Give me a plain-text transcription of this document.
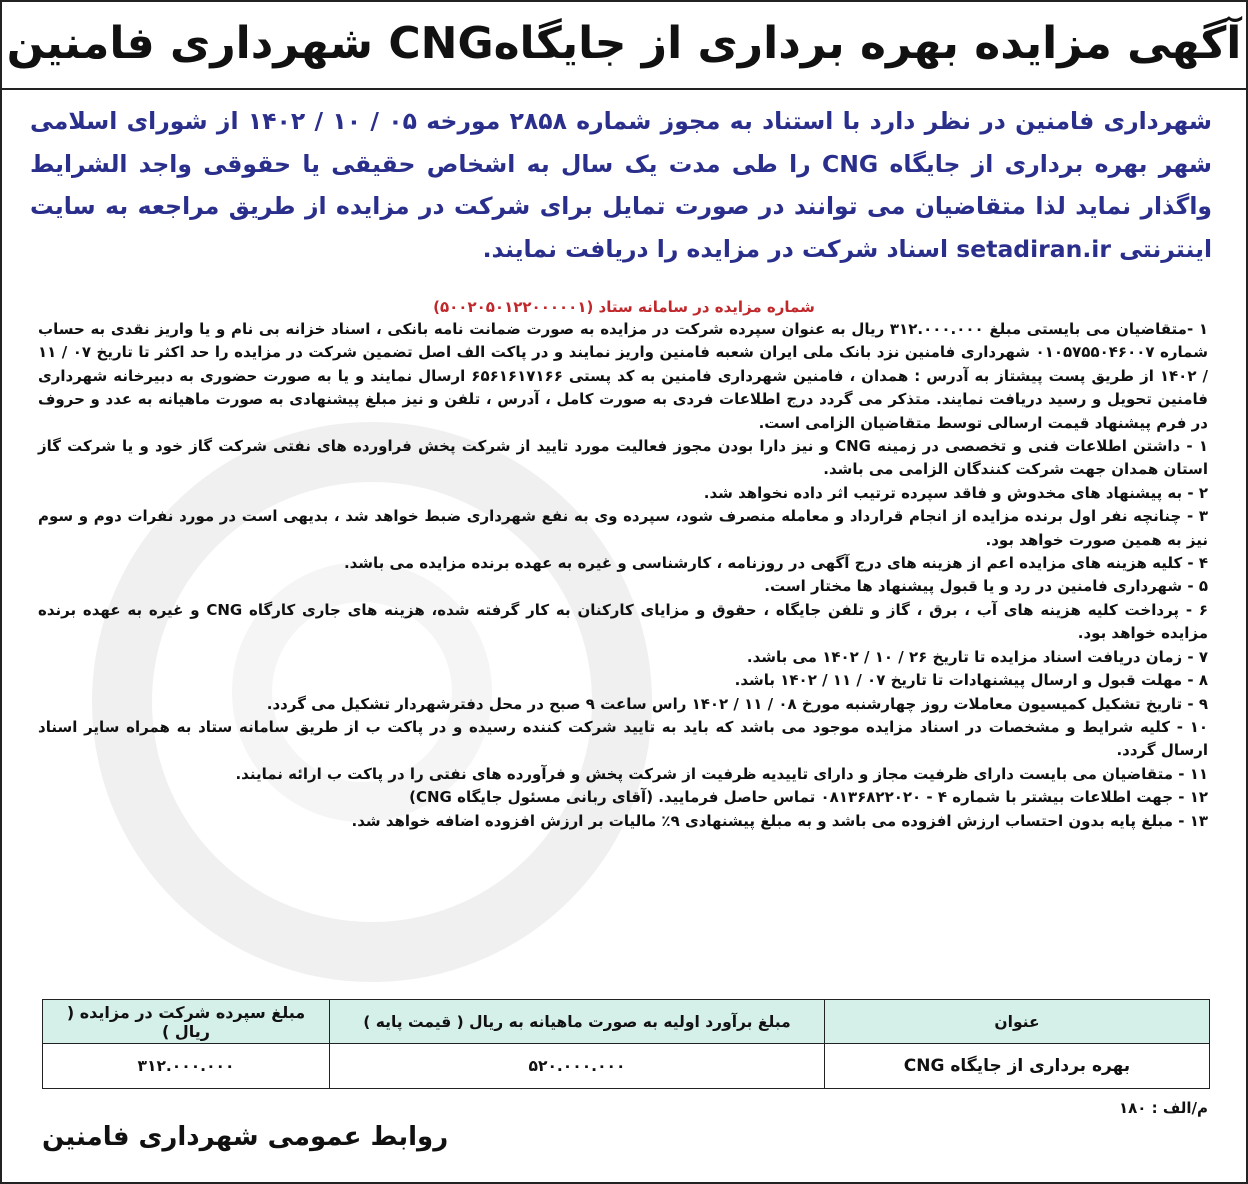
آگهی مزایده بهره برداری از جایگاهCNG شهرداری فامنین
شهرداری فامنین در نظر دارد با استناد به مجوز شماره ۲۸۵۸ مورخه ۰۵ / ۱۰ / ۱۴۰۲ از شورای اسلامی شهر بهره برداری از جایگاه CNG را طی مدت یک سال به اشخاص حقیقی یا حقوقی واجد الشرایط واگذار نماید لذا متقاضیان می توانند در صورت تمایل برای شرکت در مزایده از طریق مراجعه به سایت اینترنتی setadiran.ir اسناد شرکت در مزایده را دریافت نمایند.
شماره مزایده در سامانه ستاد (۵۰۰۲۰۵۰۱۲۲۰۰۰۰۰۱)

۱ -متقاضیان می بایستی مبلغ ۳۱۲.۰۰۰.۰۰۰ ریال به عنوان سپرده شرکت در مزایده به صورت ضمانت نامه بانکی ، اسناد خزانه بی نام و یا واریز نقدی به حساب شماره ۰۱۰۵۷۵۵۰۴۶۰۰۷ شهرداری فامنین نزد بانک ملی ایران شعبه فامنین واریز نمایند و در پاکت الف اصل تضمین شرکت در مزایده را حد اکثر تا تاریخ ۰۷ / ۱۱ / ۱۴۰۲ از طریق پست پیشتاز به آدرس : همدان ، فامنین شهرداری فامنین به کد پستی ۶۵۶۱۶۱۷۱۶۶ ارسال نمایند و یا به صورت حضوری به دبیرخانه شهرداری فامنین تحویل و رسید دریافت نمایند. متذکر می گردد درج اطلاعات فردی به صورت کامل ، آدرس ، تلفن و نیز مبلغ پیشنهادی به صورت ماهیانه به عدد و حروف در فرم پیشنهاد قیمت ارسالی توسط متقاضیان الزامی است.

۱ - داشتن اطلاعات فنی و تخصصی در زمینه CNG و نیز دارا بودن مجوز فعالیت مورد تایید از شرکت پخش فراورده های نفتی شرکت گاز خود و یا شرکت گاز استان همدان جهت شرکت کنندگان الزامی می باشد.

۲ - به پیشنهاد های مخدوش و فاقد سپرده ترتیب اثر داده نخواهد شد.

۳ - چنانچه نفر اول برنده مزایده از انجام قرارداد و معامله منصرف شود، سپرده وی به نفع شهرداری ضبط خواهد شد ، بدیهی است در مورد نفرات دوم و سوم نیز به همین صورت خواهد بود.

۴ - کلیه هزینه های مزایده اعم از هزینه های درج آگهی در روزنامه ، کارشناسی و غیره به عهده برنده مزایده می باشد.

۵ - شهرداری فامنین در رد و یا قبول پیشنهاد ها مختار است.

۶ - پرداخت کلیه هزینه های آب ، برق ، گاز و تلفن جایگاه ، حقوق و مزایای کارکنان به کار گرفته شده، هزینه های جاری کارگاه CNG و غیره به عهده برنده مزایده خواهد بود.

۷ - زمان دریافت اسناد مزایده تا تاریخ ۲۶ / ۱۰ / ۱۴۰۲ می باشد.

۸ - مهلت قبول و ارسال پیشنهادات تا تاریخ ۰۷ / ۱۱ / ۱۴۰۲ باشد.

۹ - تاریخ تشکیل کمیسیون معاملات روز چهارشنبه مورخ ۰۸ / ۱۱ / ۱۴۰۲ راس ساعت ۹ صبح در محل دفترشهردار تشکیل می گردد.

۱۰ - کلیه شرایط و مشخصات در اسناد مزایده موجود می باشد که باید به تایید شرکت کننده رسیده و در پاکت ب از طریق سامانه ستاد به همراه سایر اسناد ارسال گردد.

۱۱ - متقاضیان می بایست دارای ظرفیت مجاز و دارای تاییدیه ظرفیت از شرکت پخش و فرآورده های نفتی را در پاکت ب ارائه نمایند.

۱۲ - جهت اطلاعات بیشتر با شماره ۴ - ۰۸۱۳۶۸۲۲۰۲۰ تماس حاصل فرمایید. (آقای ربانی مسئول جایگاه CNG)

۱۳ - مبلغ پایه بدون احتساب ارزش افزوده می باشد و به مبلغ پیشنهادی ۹٪ مالیات بر ارزش افزوده اضافه خواهد شد.

عنوان	مبلغ برآورد اولیه به صورت ماهیانه به ریال ( قیمت پایه )	مبلغ سپرده شرکت در مزایده ( ریال )
بهره برداری از جایگاه CNG	۵۲۰.۰۰۰.۰۰۰	۳۱۲.۰۰۰.۰۰۰
م/الف : ۱۸۰
روابط عمومی شهرداری فامنین
